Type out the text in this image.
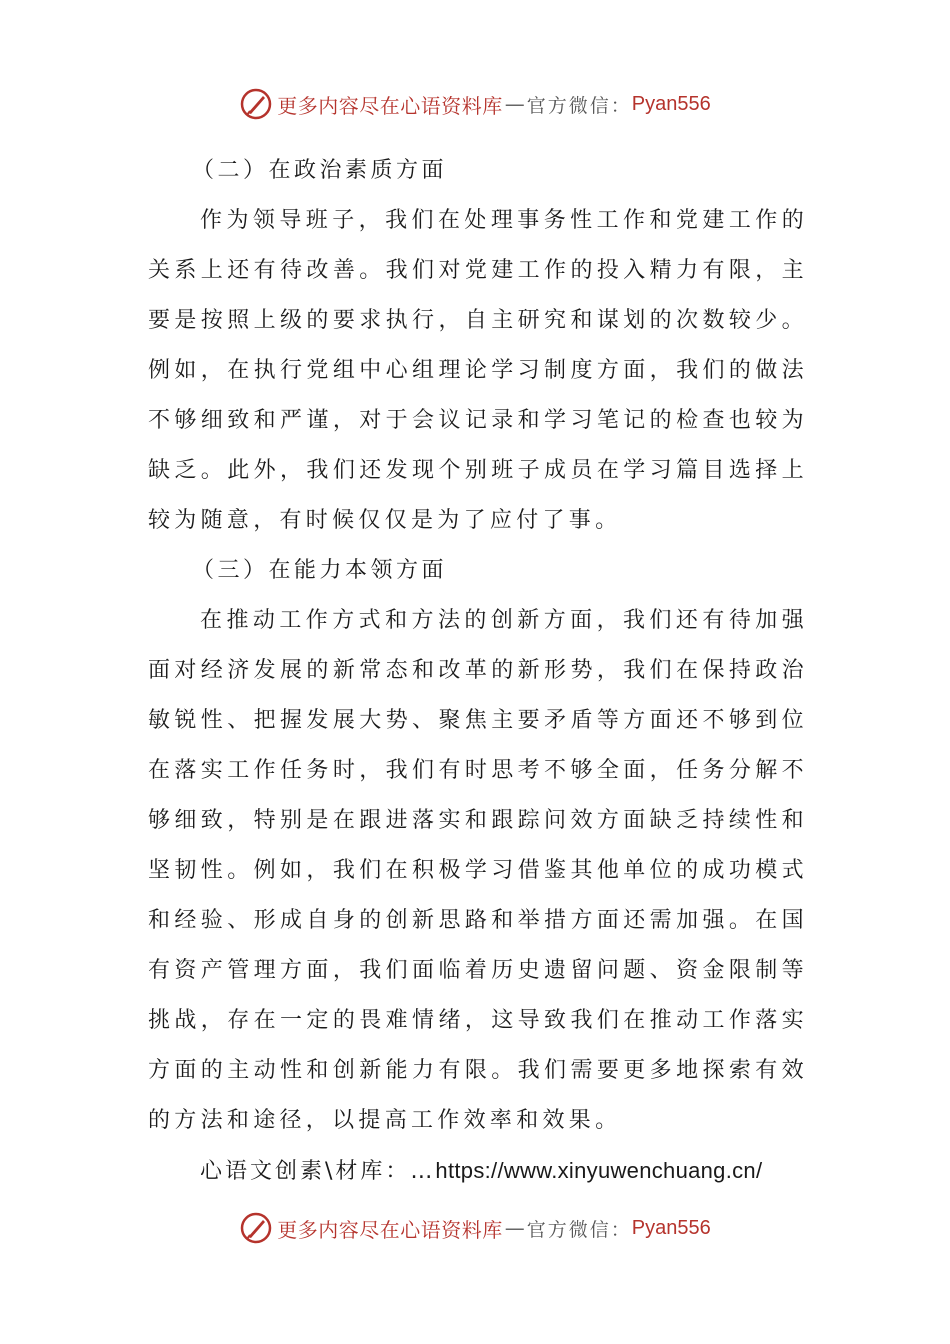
更多内容尽在心语资料库 — 官方微信： Pyan556

（二）在政治素质方面

作为领导班子，我们在处理事务性工作和党建工作的关系上还有待改善。我们对党建工作的投入精力有限，主要是按照上级的要求执行，自主研究和谋划的次数较少。例如，在执行党组中心组理论学习制度方面，我们的做法不够细致和严谨，对于会议记录和学习笔记的检查也较为缺乏。此外，我们还发现个别班子成员在学习篇目选择上较为随意，有时候仅仅是为了应付了事。

（三）在能力本领方面

在推动工作方式和方法的创新方面，我们还有待加强面对经济发展的新常态和改革的新形势，我们在保持政治敏锐性、把握发展大势、聚焦主要矛盾等方面还不够到位在落实工作任务时，我们有时思考不够全面，任务分解不够细致，特别是在跟进落实和跟踪问效方面缺乏持续性和坚韧性。例如，我们在积极学习借鉴其他单位的成功模式和经验、形成自身的创新思路和举措方面还需加强。在国有资产管理方面，我们面临着历史遗留问题、资金限制等挑战，存在一定的畏难情绪，这导致我们在推动工作落实方面的主动性和创新能力有限。我们需要更多地探索有效的方法和途径，以提高工作效率和效果。

心语文创素\材库：…https://www.xinyuwenchuang.cn/

更多内容尽在心语资料库 — 官方微信： Pyan556
